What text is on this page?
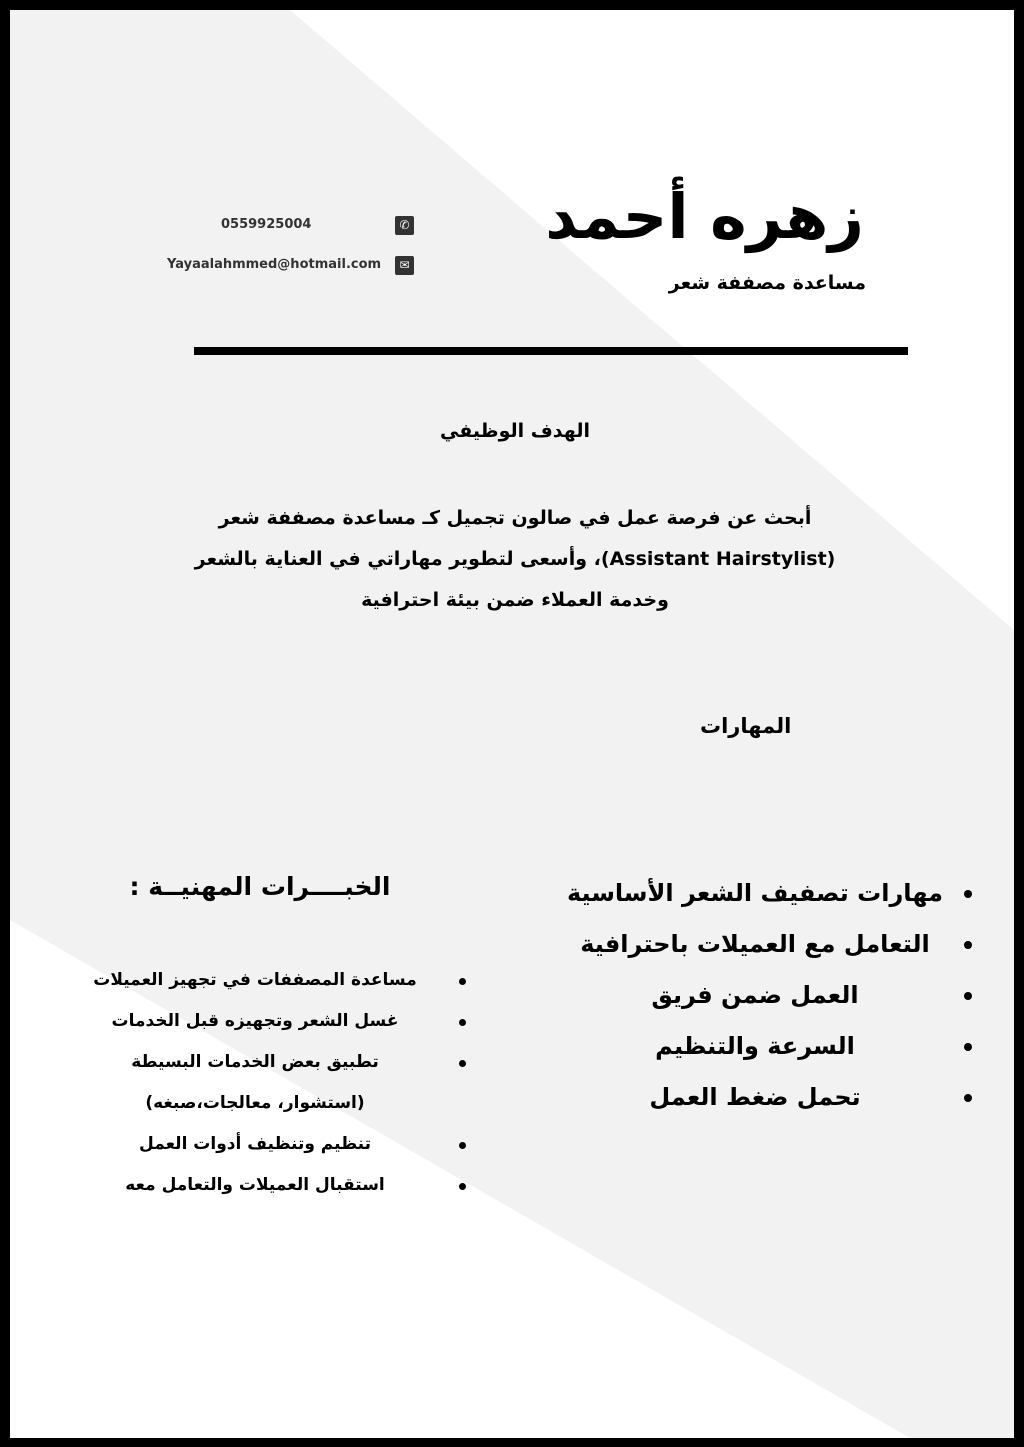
زهره أحمد
مساعدة مصففة شعر
0559925004	✆
Yayaalahmmed@hotmail.com	✉
الهدف الوظيفي
أبحث عن فرصة عمل في صالون تجميل كـ مساعدة مصففة شعر
(Assistant Hairstylist)، وأسعى لتطوير مهاراتي في العناية بالشعر
وخدمة العملاء ضمن بيئة احترافية
المهارات
مهارات تصفيف الشعر الأساسية
التعامل مع العميلات باحترافية
العمل ضمن فريق
السرعة والتنظيم
تحمل ضغط العمل
الخبــــرات المهنيــة :
مساعدة المصففات في تجهيز العميلات
غسل الشعر وتجهيزه قبل الخدمات
تطبيق بعض الخدمات البسيطة
(استشوار، معالجات،صبغه)
تنظيم وتنظيف أدوات العمل
استقبال العميلات والتعامل معه
